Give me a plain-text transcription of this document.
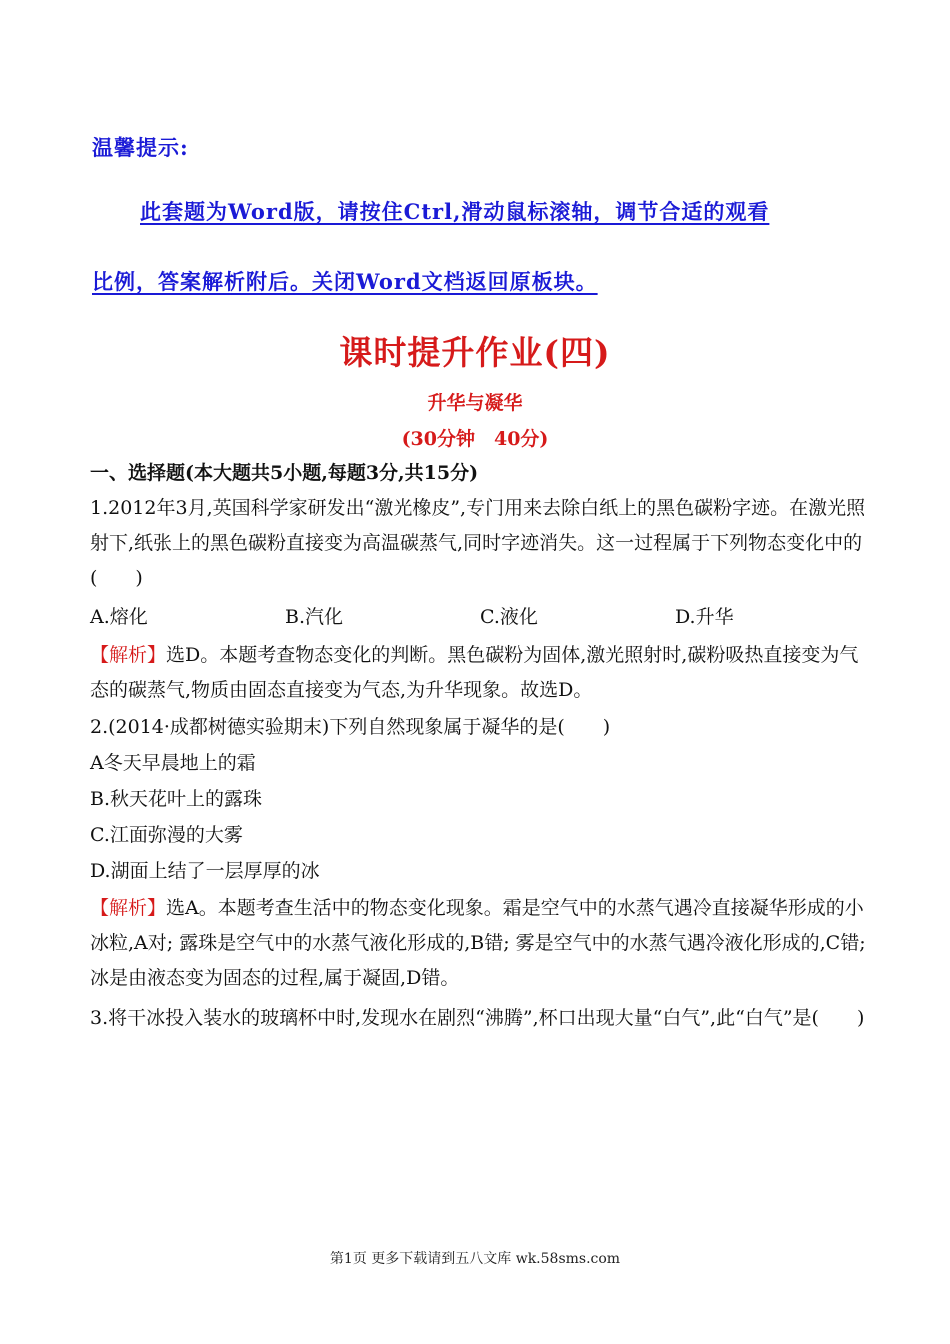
温馨提示:
此套题为Word版，请按住Ctrl,滑动鼠标滚轴，调节合适的观看
比例，答案解析附后。关闭Word文档返回原板块。
课时提升作业(四)
升华与凝华
(30分钟　40分)
一、选择题(本大题共5小题,每题3分,共15分)
1.2012年3月,英国科学家研发出“激光橡皮”,专门用来去除白纸上的黑色碳粉字迹。在激光照射下,纸张上的黑色碳粉直接变为高温碳蒸气,同时字迹消失。这一过程属于下列物态变化中的(　　)
A.熔化	B.汽化	C.液化	D.升华
【解析】选D。本题考查物态变化的判断。黑色碳粉为固体,激光照射时,碳粉吸热直接变为气态的碳蒸气,物质由固态直接变为气态,为升华现象。故选D。
2.(2014·成都树德实验期末)下列自然现象属于凝华的是(　　)
A冬天早晨地上的霜
B.秋天花叶上的露珠
C.江面弥漫的大雾
D.湖面上结了一层厚厚的冰
【解析】选A。本题考查生活中的物态变化现象。霜是空气中的水蒸气遇冷直接凝华形成的小冰粒,A对; 露珠是空气中的水蒸气液化形成的,B错; 雾是空气中的水蒸气遇冷液化形成的,C错; 冰是由液态变为固态的过程,属于凝固,D错。
3.将干冰投入装水的玻璃杯中时,发现水在剧烈“沸腾”,杯口出现大量“白气”,此“白气”是(　　)
第1页 更多下载请到五八文库 wk.58sms.com
